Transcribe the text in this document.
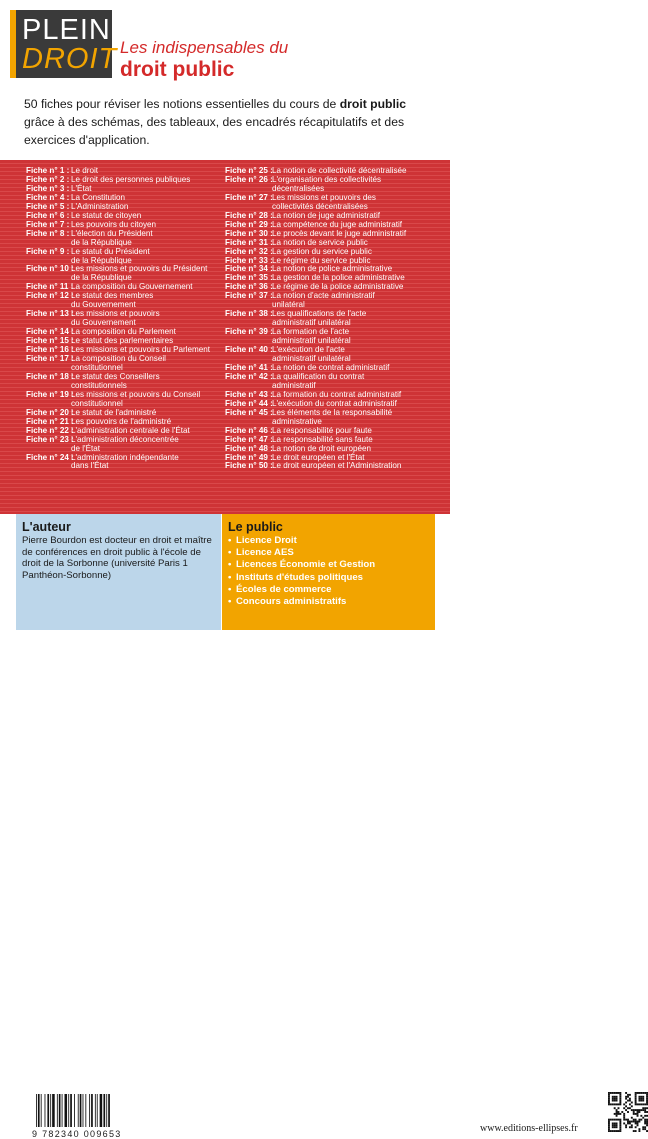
PLEIN
DROIT Les indispensables du
droit public

50 fiches pour réviser les notions essentielles du cours de droit public grâce à des schémas, des tableaux, des encadrés récapitulatifs et des exercices d'application.

Fiche n° 1 : Le droit
Fiche n° 2 : Le droit des personnes publiques
Fiche n° 3 : L'État
Fiche n° 4 : La Constitution
Fiche n° 5 : L'Administration
Fiche n° 6 : Le statut de citoyen
Fiche n° 7 : Les pouvoirs du citoyen
Fiche n° 8 : L'élection du Président
de la République
Fiche n° 9 : Le statut du Président
de la République
Fiche n° 10 :
Les missions et pouvoirs du Président
de la République
Fiche n° 11 :
La composition du Gouvernement
Fiche n° 12 :
Le statut des membres
du Gouvernement
Fiche n° 13 :
Les missions et pouvoirs
du Gouvernement
Fiche n° 14 :
La composition du Parlement
Fiche n° 15 :
Le statut des parlementaires
Fiche n° 16 :
Les missions et pouvoirs du Parlement
Fiche n° 17 :
La composition du Conseil
constitutionnel
Fiche n° 18 :
Le statut des Conseillers
constitutionnels
Fiche n° 19 :
Les missions et pouvoirs du Conseil
constitutionnel
Fiche n° 20 :
Le statut de l'administré
Fiche n° 21 :
Les pouvoirs de l'administré
Fiche n° 22 :
L'administration centrale de l'État
Fiche n° 23 :
L'administration déconcentrée
de l'État
Fiche n° 24 :
L'administration indépendante
dans l'État
Fiche n° 25 : La notion de collectivité décentralisée
Fiche n° 26 : L'organisation des collectivités
décentralisées
Fiche n° 27 : Les missions et pouvoirs des
collectivités décentralisées
Fiche n° 28 : La notion de juge administratif
Fiche n° 29 : La compétence du juge administratif
Fiche n° 30 : Le procès devant le juge administratif
Fiche n° 31 : La notion de service public
Fiche n° 32 : La gestion du service public
Fiche n° 33 : Le régime du service public
Fiche n° 34 : La notion de police administrative
Fiche n° 35 : La gestion de la police administrative
Fiche n° 36 : Le régime de la police administrative
Fiche n° 37 : La notion d'acte administratif
unilatéral
Fiche n° 38 : Les qualifications de l'acte
administratif unilatéral
Fiche n° 39 : La formation de l'acte
administratif unilatéral
Fiche n° 40 : L'exécution de l'acte
administratif unilatéral
Fiche n° 41 : La notion de contrat administratif
Fiche n° 42 : La qualification du contrat
administratif
Fiche n° 43 : La formation du contrat administratif
Fiche n° 44 : L'exécution du contrat administratif
Fiche n° 45 : Les éléments de la responsabilité
administrative
Fiche n° 46 : La responsabilité pour faute
Fiche n° 47 : La responsabilité sans faute
Fiche n° 48 : La notion de droit européen
Fiche n° 49 : Le droit européen et l'État
Fiche n° 50 : Le droit européen et l'Administration
L'auteur
Pierre Bourdon est docteur en droit et maître de conférences en droit public à l'école de droit de la Sorbonne (université Paris 1 Panthéon-Sorbonne)
9 782340 009653
Le public
• Licence Droit
• Licence AES
• Licences Économie et Gestion
• Instituts d'études politiques
• Écoles de commerce
• Concours administratifs
www.editions-ellipses.fr
